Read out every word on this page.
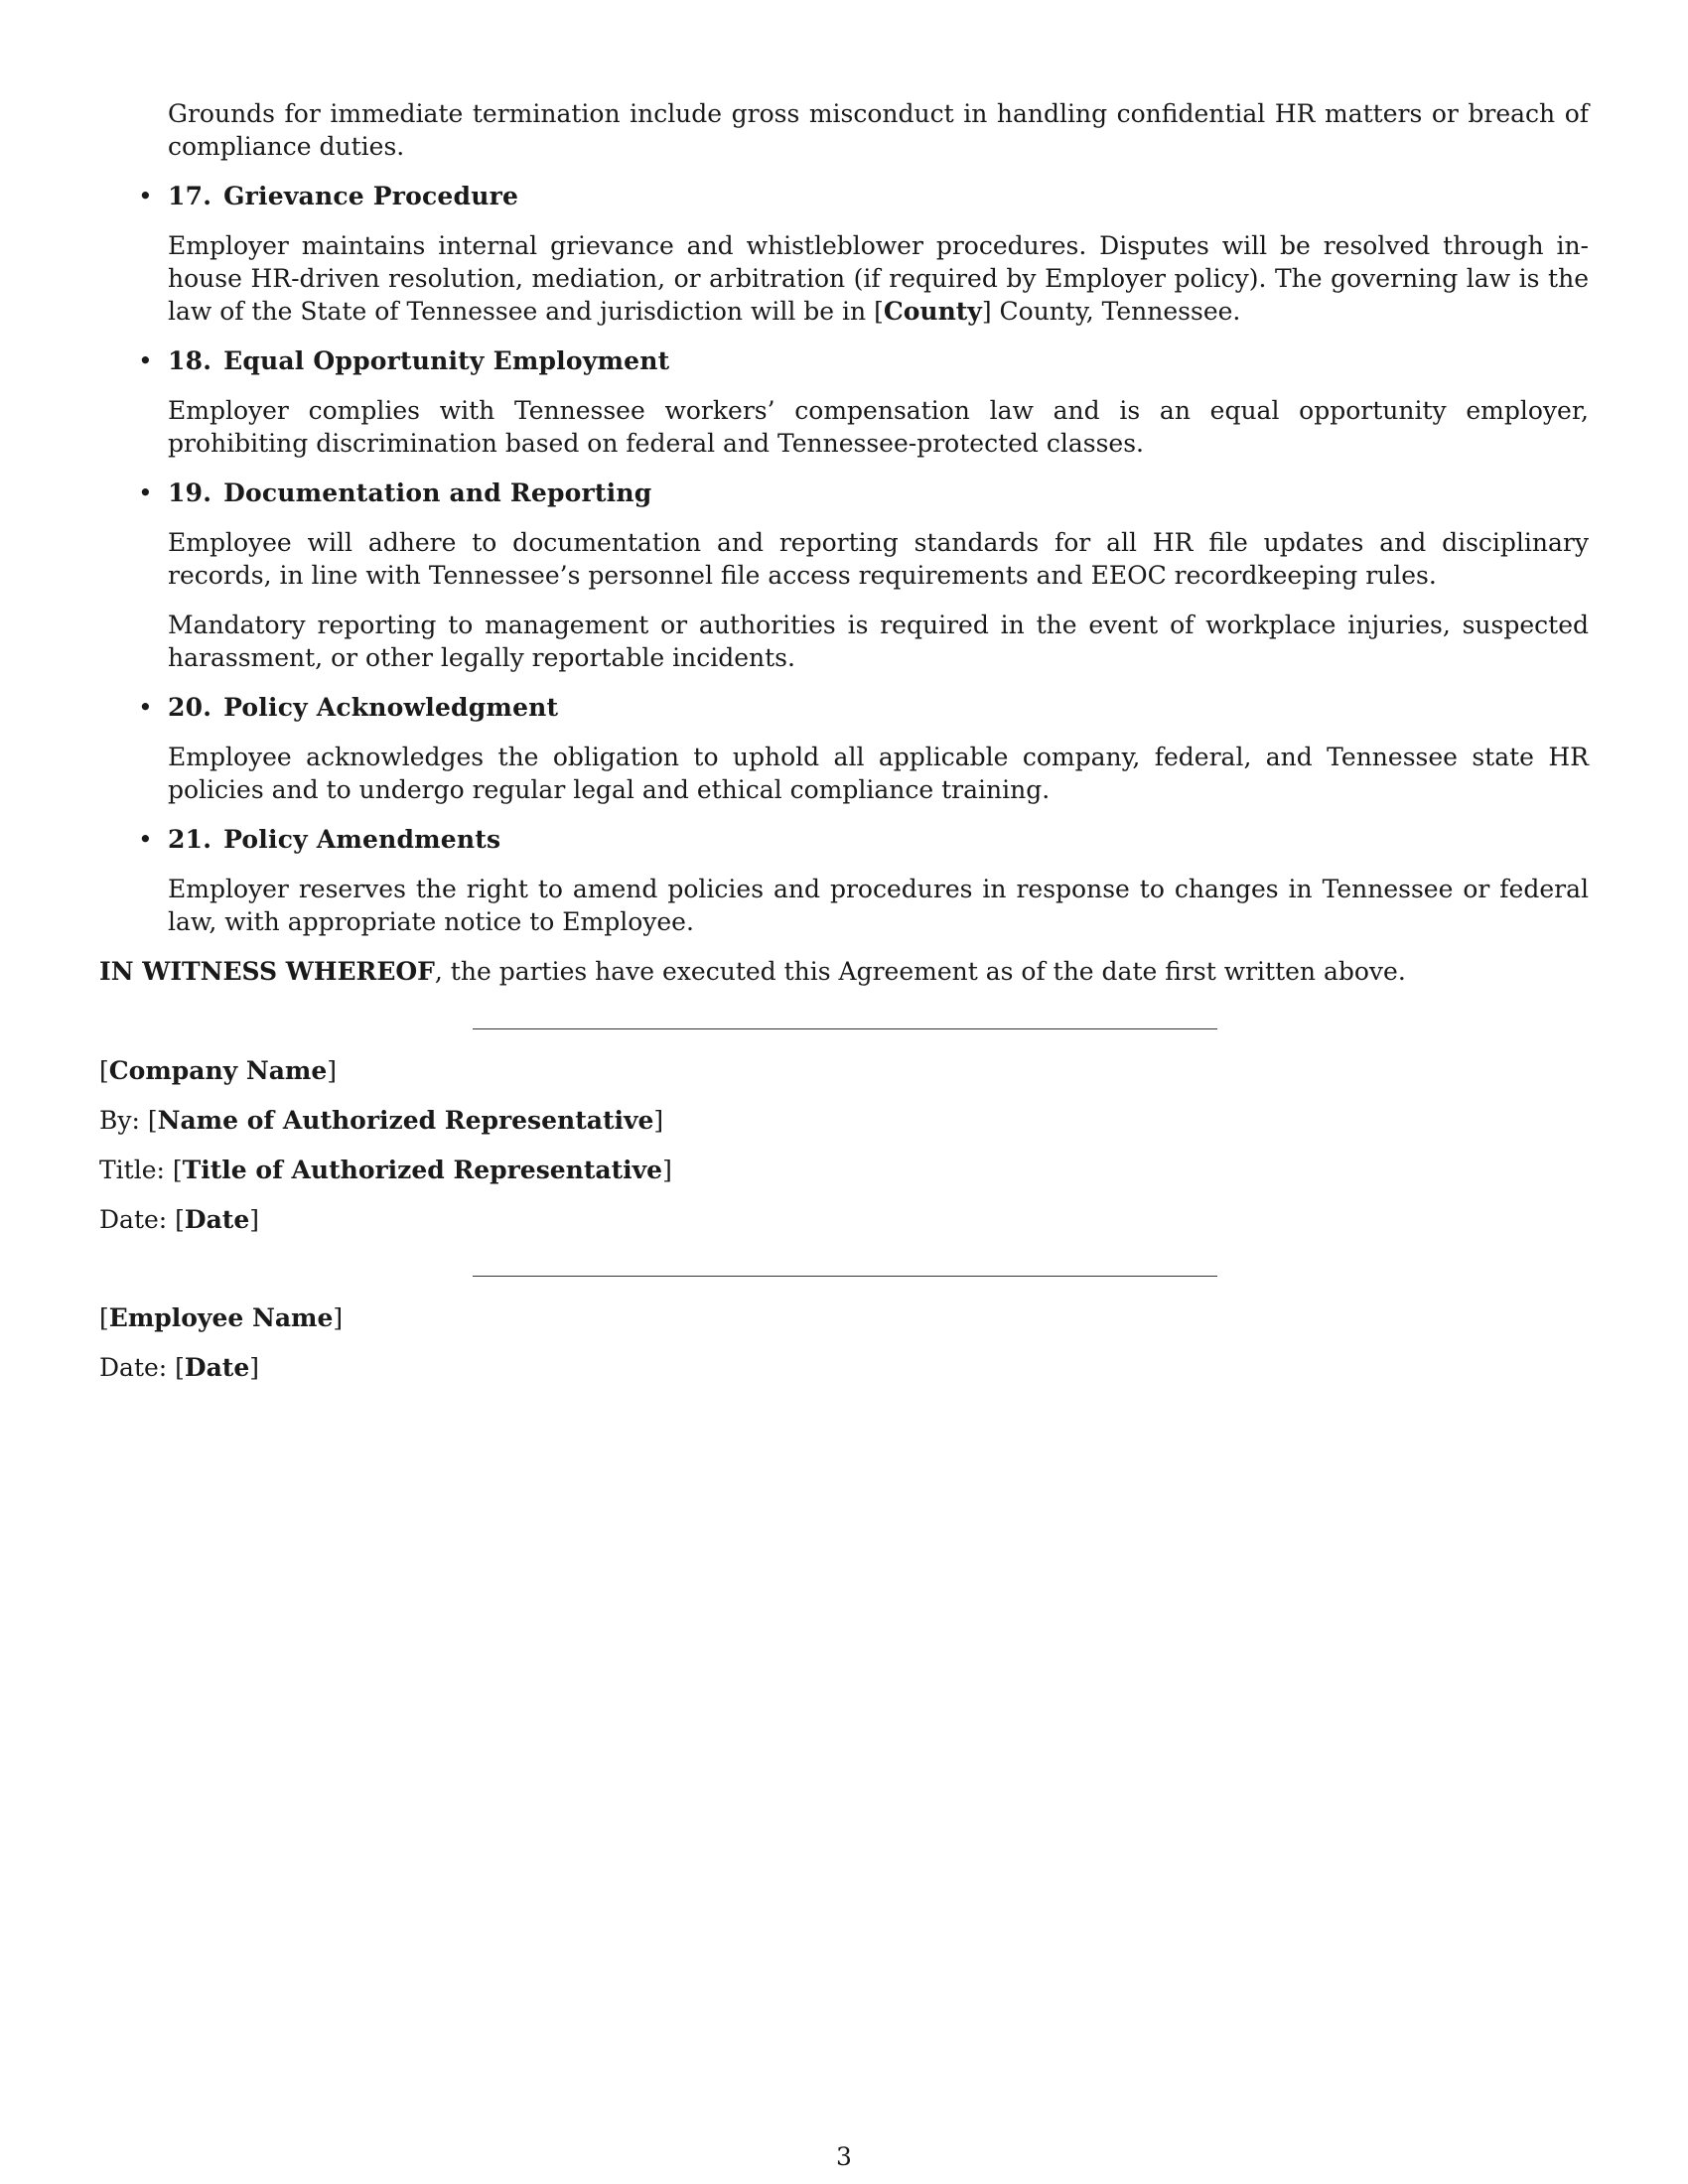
Grounds for immediate termination include gross misconduct in handling confidential HR matters or breach of compliance duties.

• 17. Grievance Procedure

Employer maintains internal grievance and whistleblower procedures. Disputes will be resolved through in-house HR-driven resolution, mediation, or arbitration (if required by Employer policy). The governing law is the law of the State of Tennessee and jurisdiction will be in [County] County, Tennessee.

• 18. Equal Opportunity Employment

Employer complies with Tennessee workers’ compensation law and is an equal opportunity employer, prohibiting discrimination based on federal and Tennessee-protected classes.

• 19. Documentation and Reporting

Employee will adhere to documentation and reporting standards for all HR file updates and disciplinary records, in line with Tennessee’s personnel file access requirements and EEOC recordkeeping rules.

Mandatory reporting to management or authorities is required in the event of workplace injuries, suspected harassment, or other legally reportable incidents.

• 20. Policy Acknowledgment

Employee acknowledges the obligation to uphold all applicable company, federal, and Tennessee state HR policies and to undergo regular legal and ethical compliance training.

• 21. Policy Amendments

Employer reserves the right to amend policies and procedures in response to changes in Tennessee or federal law, with appropriate notice to Employee.

IN WITNESS WHEREOF, the parties have executed this Agreement as of the date first written above.

[Company Name]

By: [Name of Authorized Representative]

Title: [Title of Authorized Representative]

Date: [Date]

[Employee Name]

Date: [Date]

3
